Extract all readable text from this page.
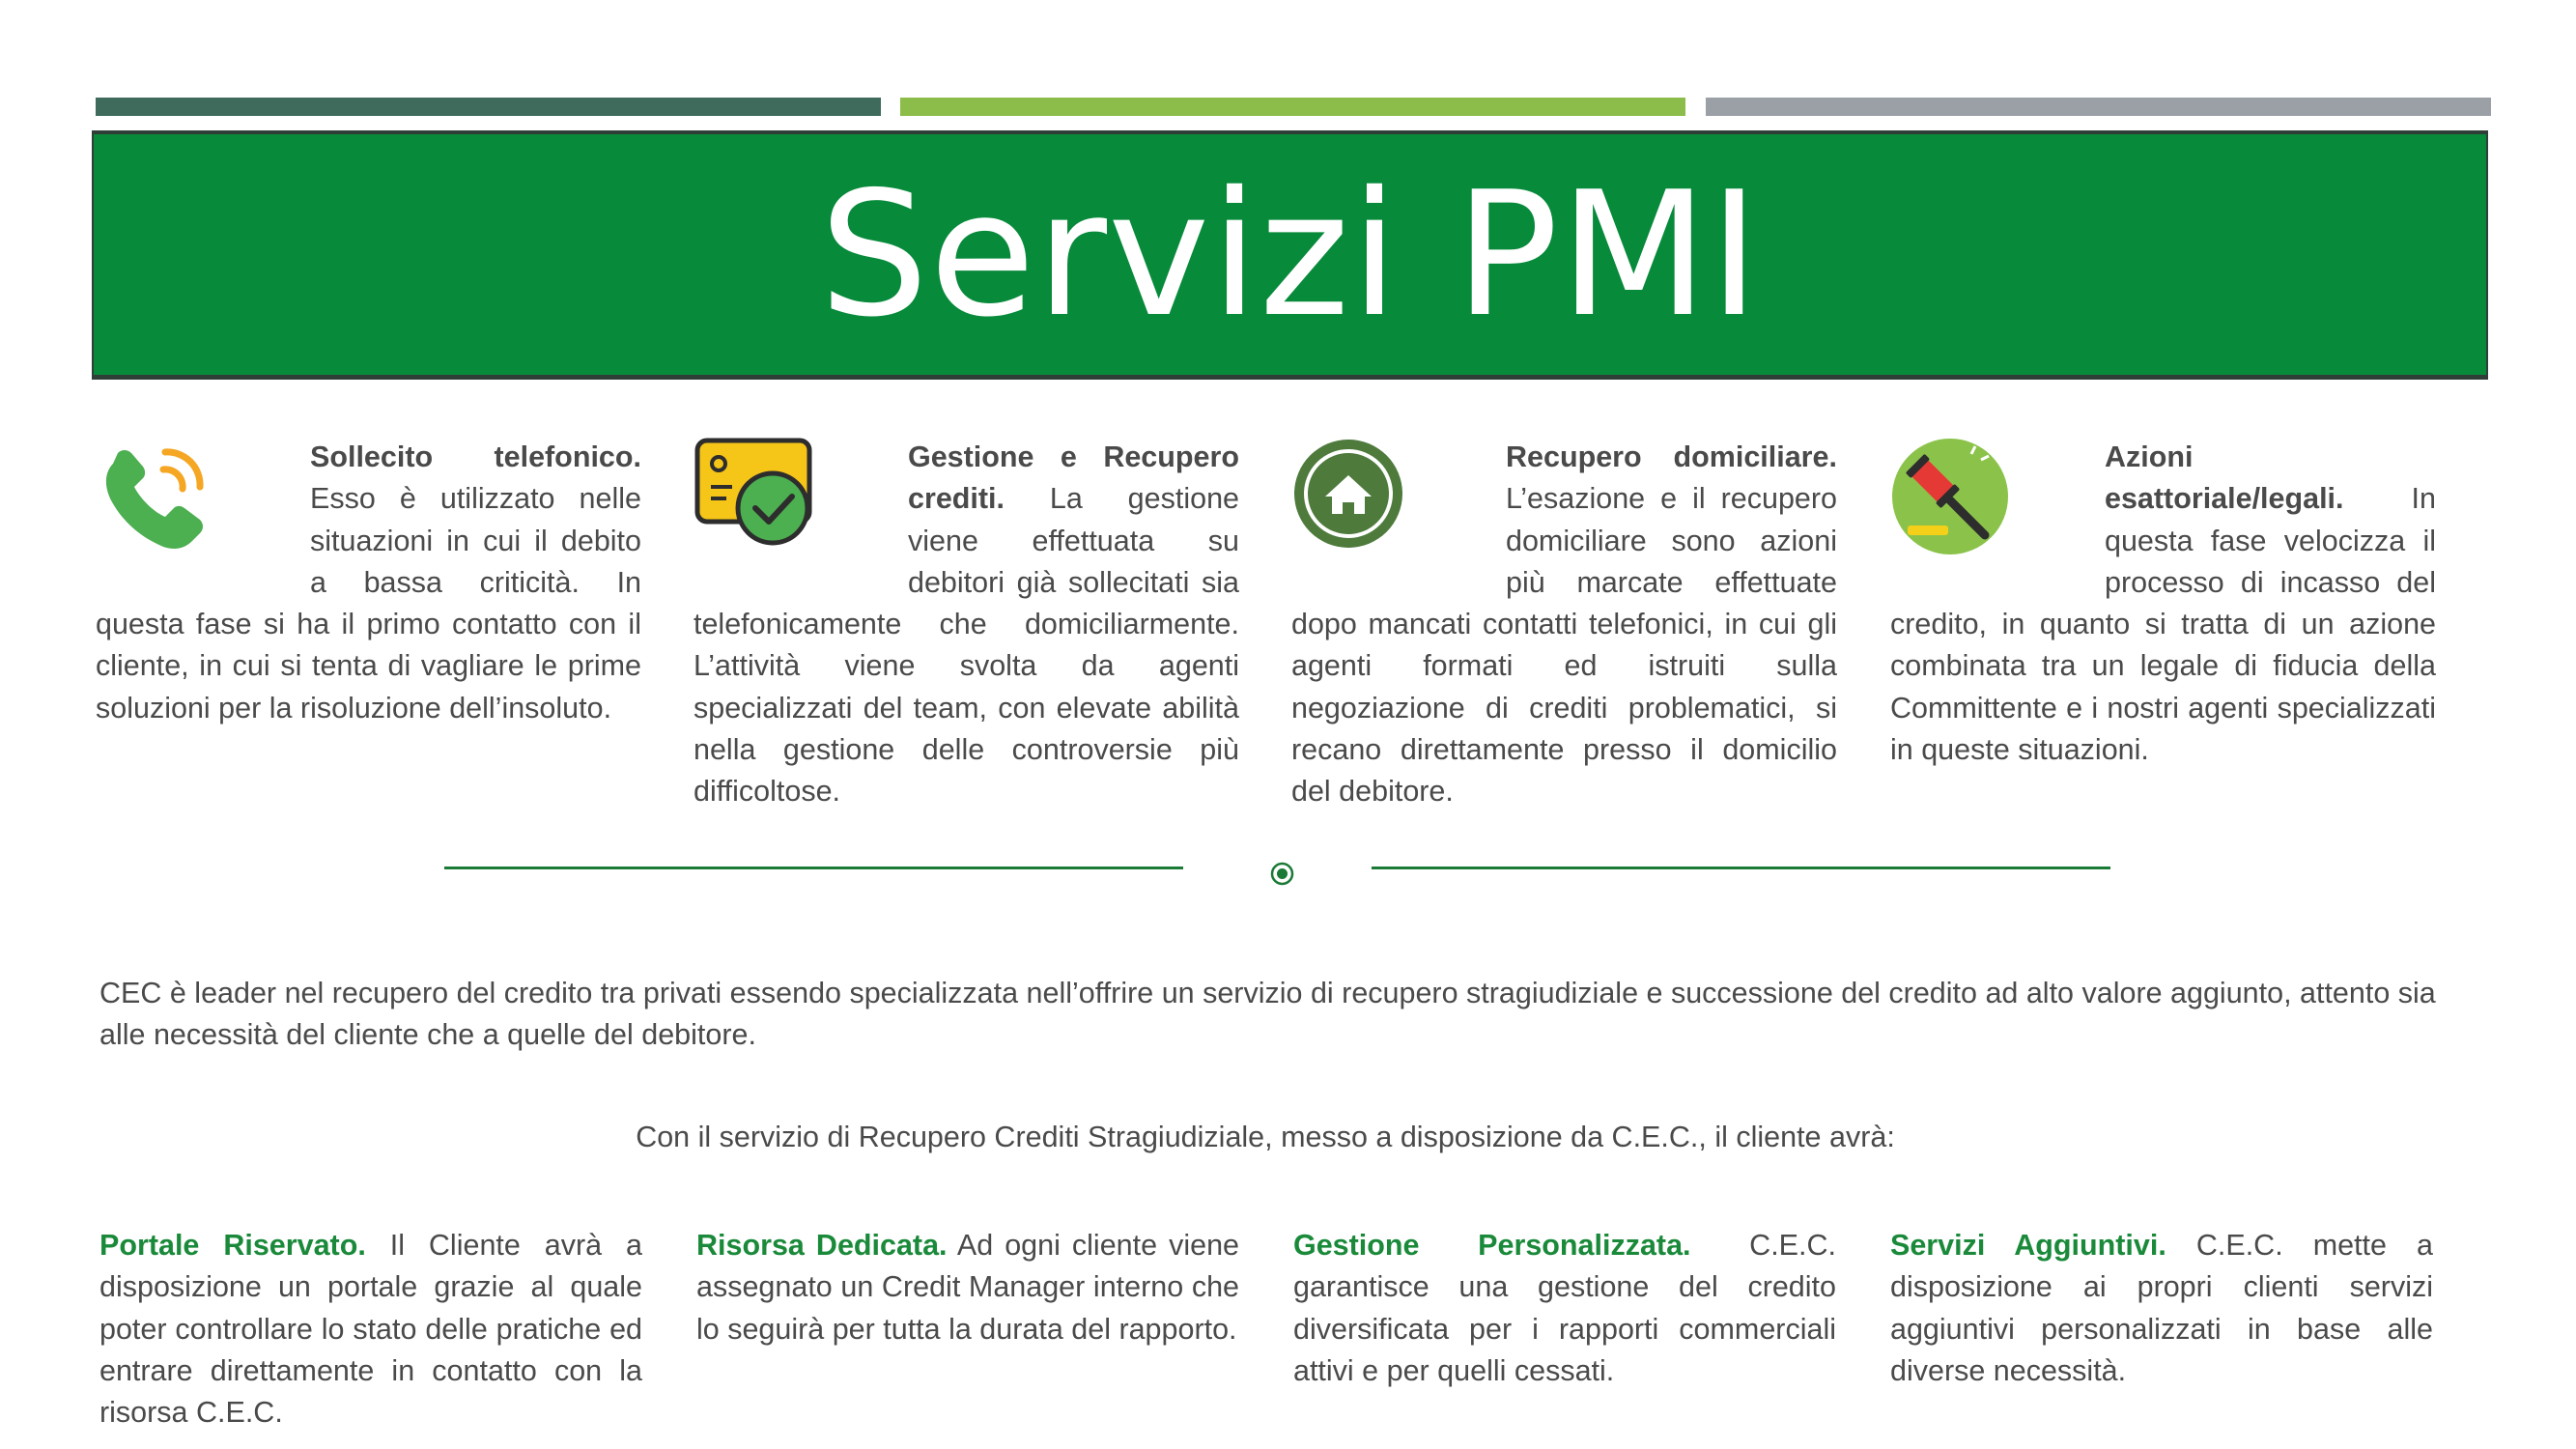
Servizi PMI

Sollecito telefonico. Esso è utilizzato nelle situazioni in cui il debito a bassa criticità. In questa fase si ha il primo contatto con il cliente, in cui si tenta di vagliare le prime soluzioni per la risoluzione dell’insoluto.

Gestione e Recupero crediti. La gestione viene effettuata su debitori già sollecitati sia telefonicamente che domiciliarmente. L’attività viene svolta da agenti specializzati del team, con elevate abilità nella gestione delle controversie più difficoltose.

Recupero domiciliare. L’esazione e il recupero domiciliare sono azioni più marcate effettuate dopo mancati contatti telefonici, in cui gli agenti formati ed istruiti sulla negoziazione di crediti problematici, si recano direttamente presso il domicilio del debitore.

Azioni esattoriale/legali. In questa fase velocizza il processo di incasso del credito, in quanto si tratta di un azione combinata tra un legale di fiducia della Committente e i nostri agenti specializzati in queste situazioni.

CEC è leader nel recupero del credito tra privati essendo specializzata nell’offrire un servizio di recupero stragiudiziale e successione del credito ad alto valore aggiunto, attento sia alle necessità del cliente che a quelle del debitore.

Con il servizio di Recupero Crediti Stragiudiziale, messo a disposizione da C.E.C., il cliente avrà:

Portale Riservato. Il Cliente avrà a disposizione un portale grazie al quale poter controllare lo stato delle pratiche ed entrare direttamente in contatto con la risorsa C.E.C.

Risorsa Dedicata. Ad ogni cliente viene assegnato un Credit Manager interno che lo seguirà per tutta la durata del rapporto.

Gestione Personalizzata. C.E.C. garantisce una gestione del credito diversificata per i rapporti commerciali attivi e per quelli cessati.

Servizi Aggiuntivi. C.E.C. mette a disposizione ai propri clienti servizi aggiuntivi personalizzati in base alle diverse necessità.
